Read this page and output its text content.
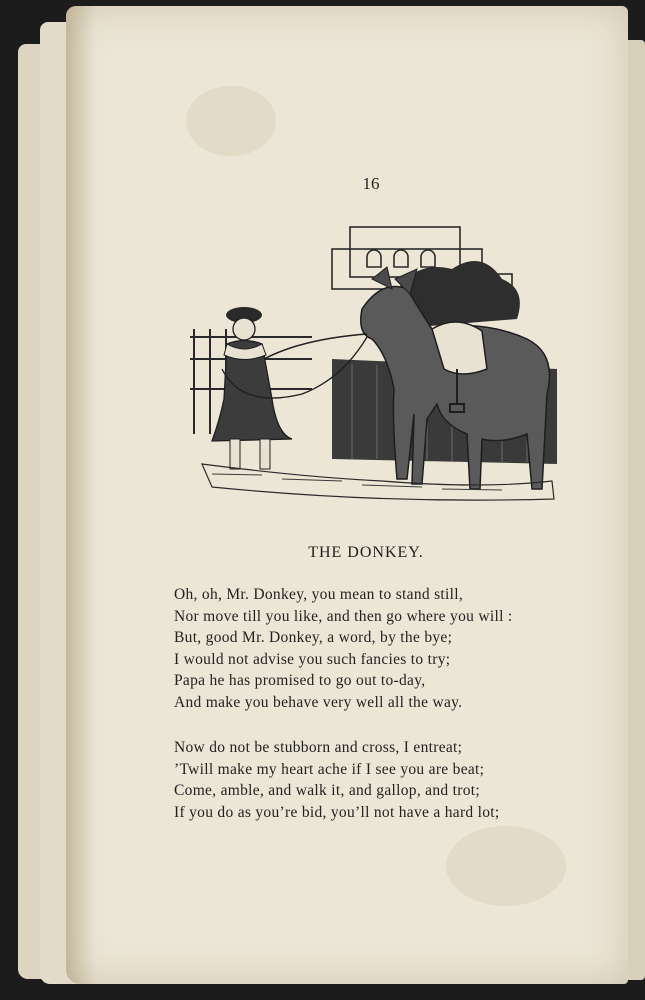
16
THE DONKEY.
Oh, oh, Mr. Donkey, you mean to stand still,
Nor move till you like, and then go where you will :
But, good Mr. Donkey, a word, by the bye;
I would not advise you such fancies to try;
Papa he has promised to go out to-day,
And make you behave very well all the way.
Now do not be stubborn and cross, I entreat;
’Twill make my heart ache if I see you are beat;
Come, amble, and walk it, and gallop, and trot;
If you do as you’re bid, you’ll not have a hard lot;
